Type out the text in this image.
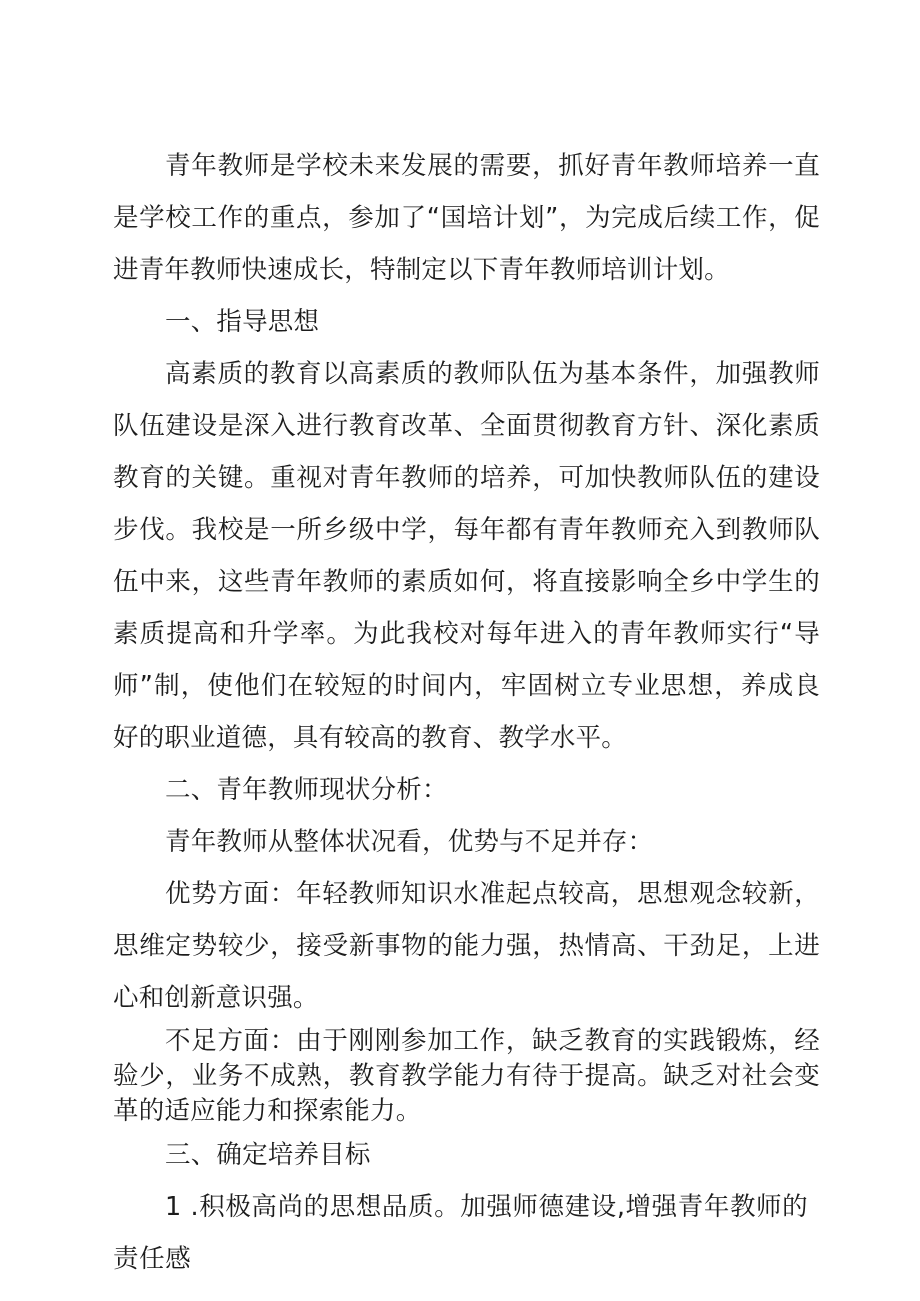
青年教师是学校未来发展的需要，抓好青年教师培养一直是学校工作的重点，参加了“国培计划”，为完成后续工作，促进青年教师快速成长，特制定以下青年教师培训计划。

一、指导思想

高素质的教育以高素质的教师队伍为基本条件，加强教师队伍建设是深入进行教育改革、全面贯彻教育方针、深化素质教育的关键。重视对青年教师的培养，可加快教师队伍的建设步伐。我校是一所乡级中学，每年都有青年教师充入到教师队伍中来，这些青年教师的素质如何，将直接影响全乡中学生的素质提高和升学率。为此我校对每年进入的青年教师实行“导师”制，使他们在较短的时间内，牢固树立专业思想，养成良好的职业道德，具有较高的教育、教学水平。

二、青年教师现状分析：

青年教师从整体状况看，优势与不足并存：

优势方面：年轻教师知识水准起点较高，思想观念较新，思维定势较少，接受新事物的能力强，热情高、干劲足，上进心和创新意识强。

不足方面：由于刚刚参加工作，缺乏教育的实践锻炼，经验少，业务不成熟，教育教学能力有待于提高。缺乏对社会变革的适应能力和探索能力。

三、确定培养目标

1 .积极高尚的思想品质。加强师德建设,增强青年教师的责任感
